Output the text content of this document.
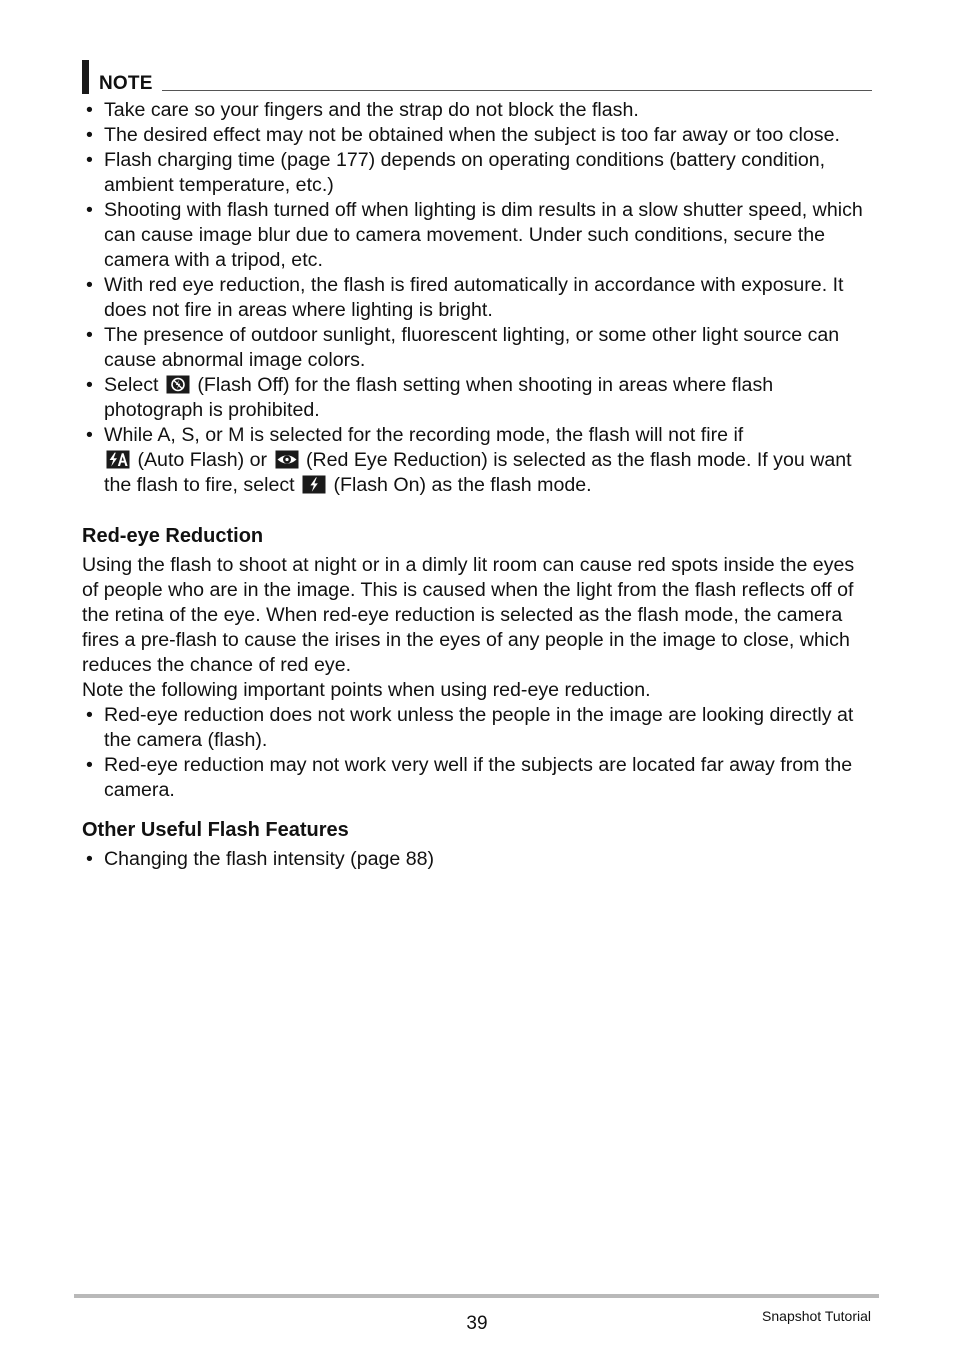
NOTE
• Take care so your fingers and the strap do not block the flash.
• The desired effect may not be obtained when the subject is too far away or too close.
• Flash charging time (page 177) depends on operating conditions (battery condition, ambient temperature, etc.)
• Shooting with flash turned off when lighting is dim results in a slow shutter speed, which can cause image blur due to camera movement. Under such conditions, secure the camera with a tripod, etc.
• With red eye reduction, the flash is fired automatically in accordance with exposure. It does not fire in areas where lighting is bright.
• The presence of outdoor sunlight, fluorescent lighting, or some other light source can cause abnormal image colors.
• Select (Flash Off) for the flash setting when shooting in areas where flash photograph is prohibited.
• While A, S, or M is selected for the recording mode, the flash will not fire if

(Auto Flash) or (Red Eye Reduction) is selected as the flash mode. If you want the flash to fire, select (Flash On) as the flash mode.
Red-eye Reduction
Using the flash to shoot at night or in a dimly lit room can cause red spots inside the eyes of people who are in the image. This is caused when the light from the flash reflects off of the retina of the eye. When red-eye reduction is selected as the flash mode, the camera fires a pre-flash to cause the irises in the eyes of any people in the image to close, which reduces the chance of red eye.
Note the following important points when using red-eye reduction.
• Red-eye reduction does not work unless the people in the image are looking directly at the camera (flash).
• Red-eye reduction may not work very well if the subjects are located far away from the camera.
Other Useful Flash Features
• Changing the flash intensity (page 88)
39	Snapshot Tutorial
